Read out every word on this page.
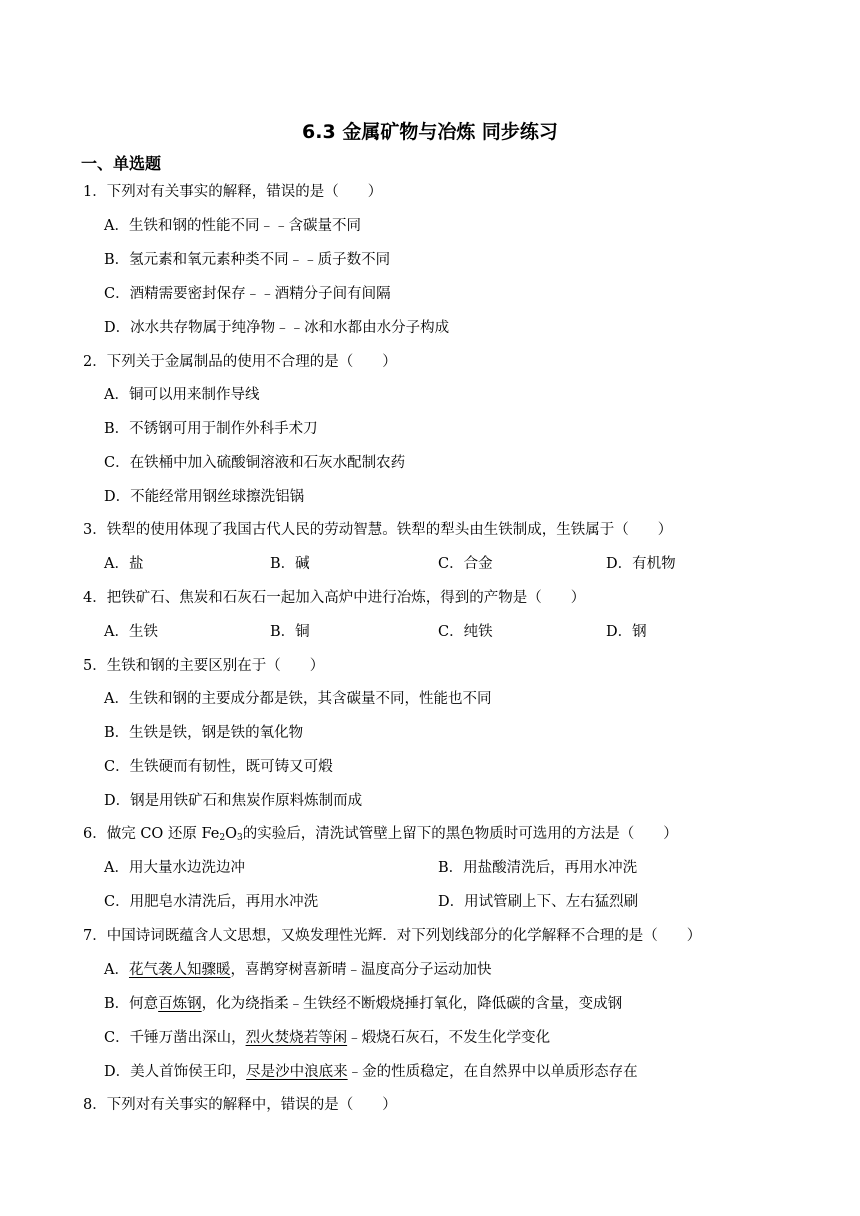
6.3 金属矿物与冶炼 同步练习
一、单选题
1．下列对有关事实的解释，错误的是（　　）
A．生铁和钢的性能不同﹣﹣含碳量不同
B．氢元素和氧元素种类不同﹣﹣质子数不同
C．酒精需要密封保存﹣﹣酒精分子间有间隔
D．冰水共存物属于纯净物﹣﹣冰和水都由水分子构成
2．下列关于金属制品的使用不合理的是（　　）
A．铜可以用来制作导线
B．不锈钢可用于制作外科手术刀
C．在铁桶中加入硫酸铜溶液和石灰水配制农药
D．不能经常用钢丝球擦洗铝锅
3．铁犁的使用体现了我国古代人民的劳动智慧。铁犁的犁头由生铁制成，生铁属于（　　）
A．盐	B．碱	C．合金	D．有机物
4．把铁矿石、焦炭和石灰石一起加入高炉中进行冶炼，得到的产物是（　　）
A．生铁	B．铜	C．纯铁	D．钢
5．生铁和钢的主要区别在于（　　）
A．生铁和钢的主要成分都是铁，其含碳量不同，性能也不同
B．生铁是铁，钢是铁的氧化物
C．生铁硬而有韧性，既可铸又可煅
D．钢是用铁矿石和焦炭作原料炼制而成
6．做完 CO 还原 $Fe_2O_3$的实验后，清洗试管壁上留下的黑色物质时可选用的方法是（　　）
A．用大量水边洗边冲	B．用盐酸清洗后，再用水冲洗
C．用肥皂水清洗后，再用水冲洗	D．用试管刷上下、左右猛烈刷
7．中国诗词既蕴含人文思想，又焕发理性光辉．对下列划线部分的化学解释不合理的是（　　）
A．花气袭人知骤暖，喜鹊穿树喜新晴﹣温度高分子运动加快
B．何意百炼钢，化为绕指柔﹣生铁经不断煅烧捶打氧化，降低碳的含量，变成钢
C．千锤万凿出深山，烈火焚烧若等闲﹣煅烧石灰石，不发生化学变化
D．美人首饰侯王印，尽是沙中浪底来﹣金的性质稳定，在自然界中以单质形态存在
8．下列对有关事实的解释中，错误的是（　　）
